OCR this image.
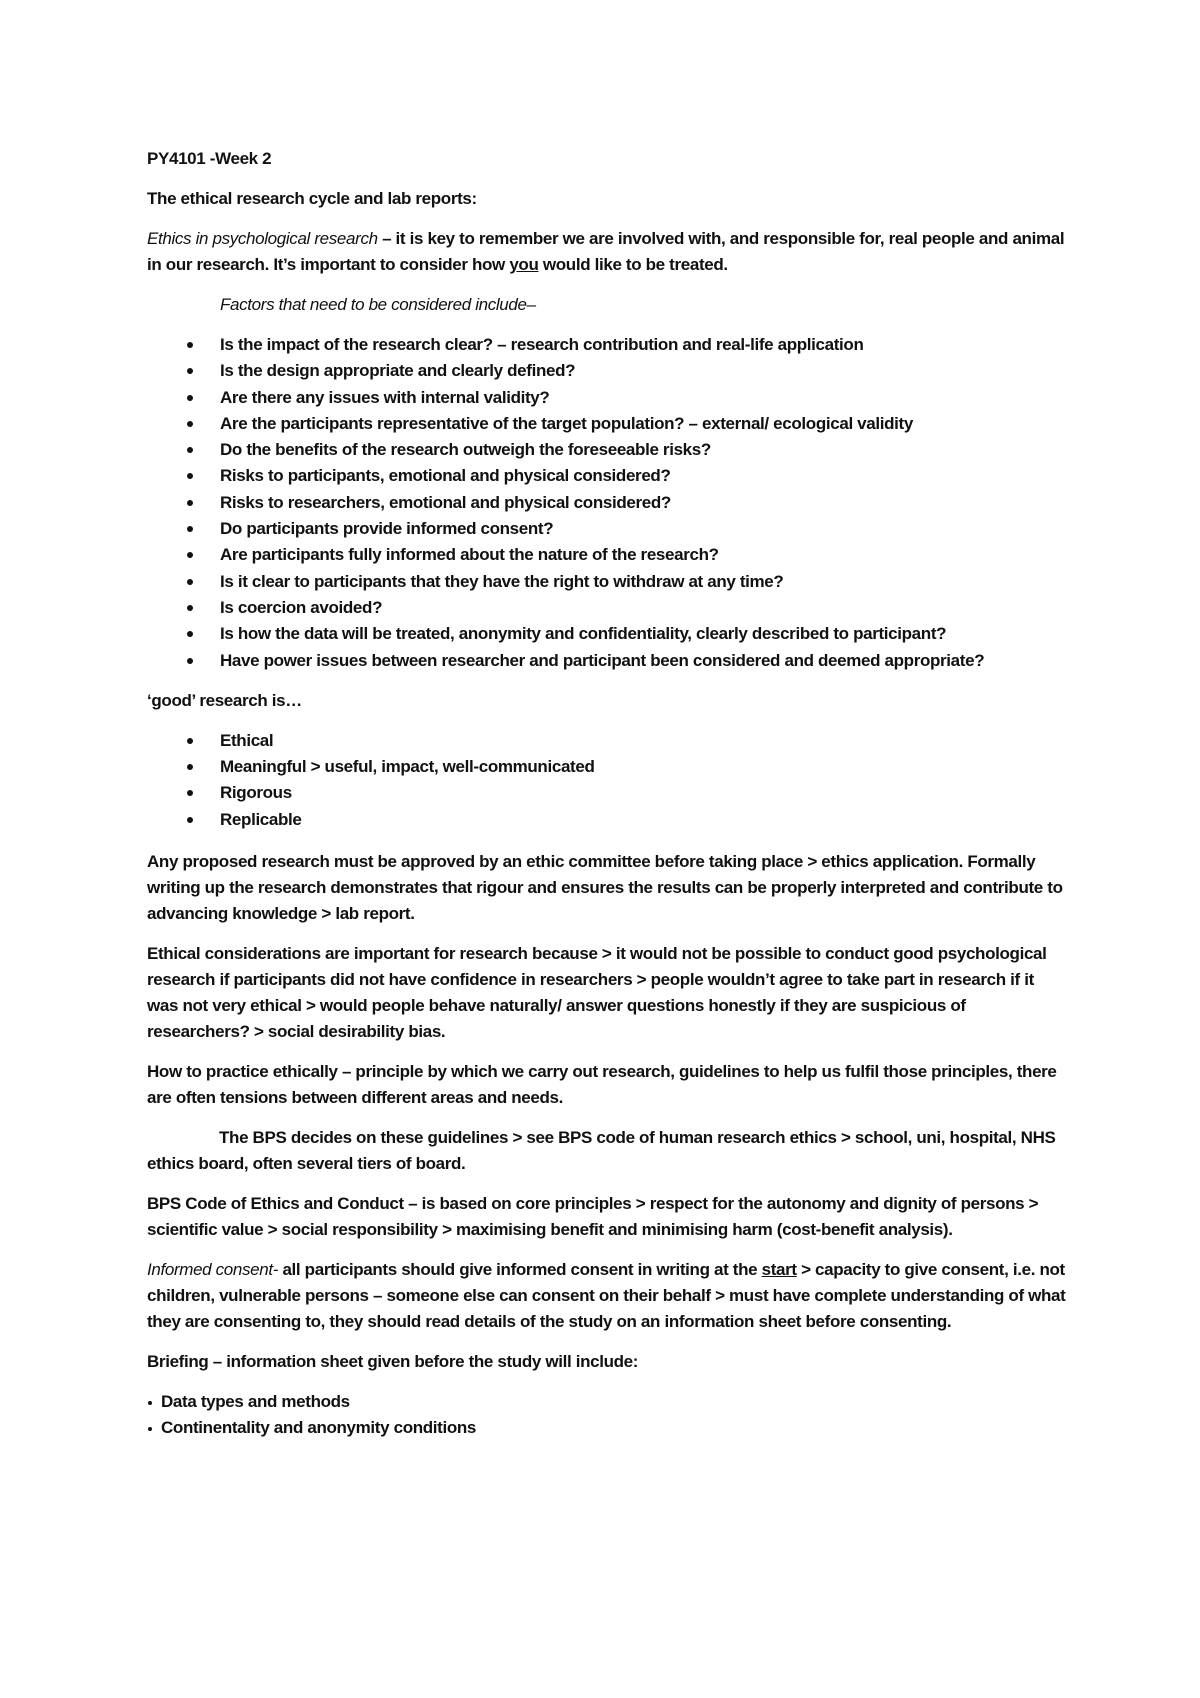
PY4101 -Week 2

The ethical research cycle and lab reports:

Ethics in psychological research – it is key to remember we are involved with, and responsible for, real people and animal in our research. It’s important to consider how you would like to be treated.

Factors that need to be considered include–

Is the impact of the research clear? – research contribution and real-life application
Is the design appropriate and clearly defined?
Are there any issues with internal validity?
Are the participants representative of the target population? – external/ ecological validity
Do the benefits of the research outweigh the foreseeable risks?
Risks to participants, emotional and physical considered?
Risks to researchers, emotional and physical considered?
Do participants provide informed consent?
Are participants fully informed about the nature of the research?
Is it clear to participants that they have the right to withdraw at any time?
Is coercion avoided?
Is how the data will be treated, anonymity and confidentiality, clearly described to participant?
Have power issues between researcher and participant been considered and deemed appropriate?

‘good’ research is…

Ethical
Meaningful > useful, impact, well-communicated
Rigorous
Replicable

Any proposed research must be approved by an ethic committee before taking place > ethics application. Formally writing up the research demonstrates that rigour and ensures the results can be properly interpreted and contribute to advancing knowledge > lab report.

Ethical considerations are important for research because > it would not be possible to conduct good psychological research if participants did not have confidence in researchers > people wouldn’t agree to take part in research if it was not very ethical > would people behave naturally/ answer questions honestly if they are suspicious of researchers? > social desirability bias.

How to practice ethically – principle by which we carry out research, guidelines to help us fulfil those principles, there are often tensions between different areas and needs.

The BPS decides on these guidelines > see BPS code of human research ethics > school, uni, hospital, NHS ethics board, often several tiers of board.

BPS Code of Ethics and Conduct – is based on core principles > respect for the autonomy and dignity of persons > scientific value > social responsibility > maximising benefit and minimising harm (cost-benefit analysis).

Informed consent- all participants should give informed consent in writing at the start > capacity to give consent, i.e. not children, vulnerable persons – someone else can consent on their behalf > must have complete understanding of what they are consenting to, they should read details of the study on an information sheet before consenting.

Briefing – information sheet given before the study will include:

Data types and methods
Continentality and anonymity conditions
